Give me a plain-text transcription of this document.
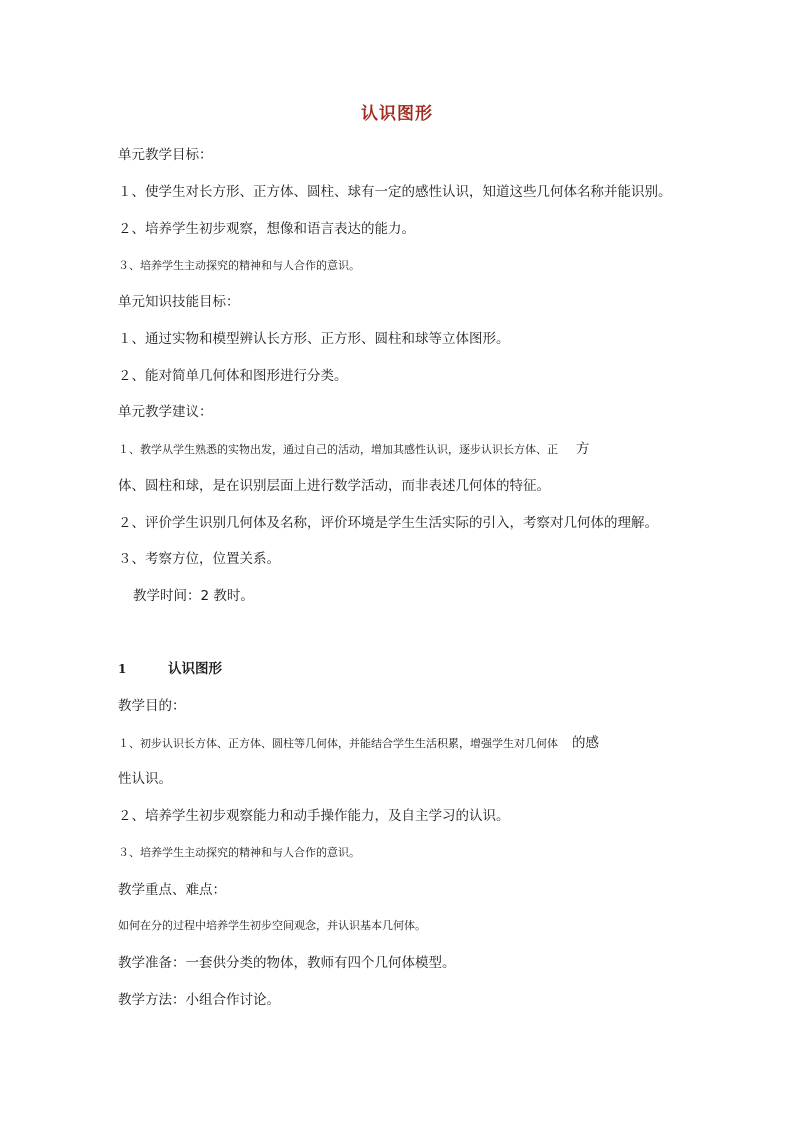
认识图形
单元教学目标：
１、使学生对长方形、正方体、圆柱、球有一定的感性认识，知道这些几何体名称并能识别。
２、培养学生初步观察，想像和语言表达的能力。
３、培养学生主动探究的精神和与人合作的意识。
单元知识技能目标：
１、通过实物和模型辨认长方形、正方形、圆柱和球等立体图形。
２、能对简单几何体和图形进行分类。
单元教学建议：
１、教学从学生熟悉的实物出发，通过自己的活动，增加其感性认识，逐步认识长方体、正 方
体、圆柱和球，是在识别层面上进行数学活动，而非表述几何体的特征。
２、评价学生识别几何体及名称，评价环境是学生生活实际的引入，考察对几何体的理解。
３、考察方位，位置关系。
教学时间：2 教时。
1	认识图形
教学目的：
１、初步认识长方体、正方体、圆柱等几何体，并能结合学生生活积累，增强学生对几何体 的感
性认识。
２、培养学生初步观察能力和动手操作能力，及自主学习的认识。
３、培养学生主动探究的精神和与人合作的意识。
教学重点、难点：
如何在分的过程中培养学生初步空间观念，并认识基本几何体。
教学准备：一套供分类的物体，教师有四个几何体模型。
教学方法：小组合作讨论。
